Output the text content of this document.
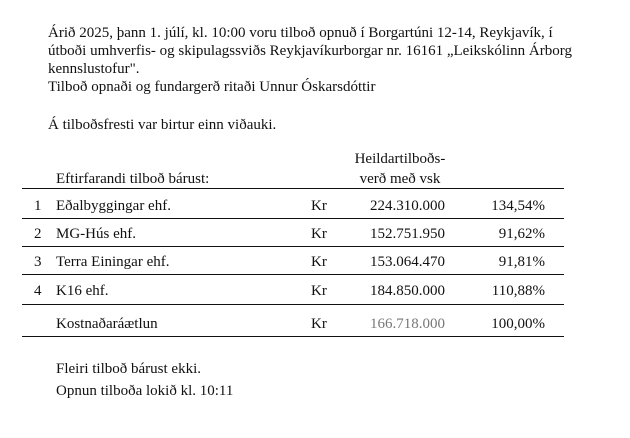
Árið 2025, þann 1. júlí, kl. 10:00 voru tilboð opnuð í Borgartúni 12-14, Reykjavík, í

útboði umhverfis- og skipulagssviðs Reykjavíkurborgar nr. 16161 „Leikskólinn Árborg

kennslustofur".

Tilboð opnaði og fundargerð ritaði Unnur Óskarsdóttir

Á tilboðsfresti var birtur einn viðauki.
Eftirfarandi tilboð bárust:
Heildartilboðs-
verð með vsk
1 Eðalbyggingar ehf.	Kr	224.310.000	134,54%
2 MG-Hús ehf.	Kr	152.751.950	91,62%
3 Terra Einingar ehf.	Kr	153.064.470	91,81%
4 K16 ehf.	Kr	184.850.000	110,88%
Kostnaðaráætlun	Kr	166.718.000	100,00%

Fleiri tilboð bárust ekki.

Opnun tilboða lokið kl. 10:11
